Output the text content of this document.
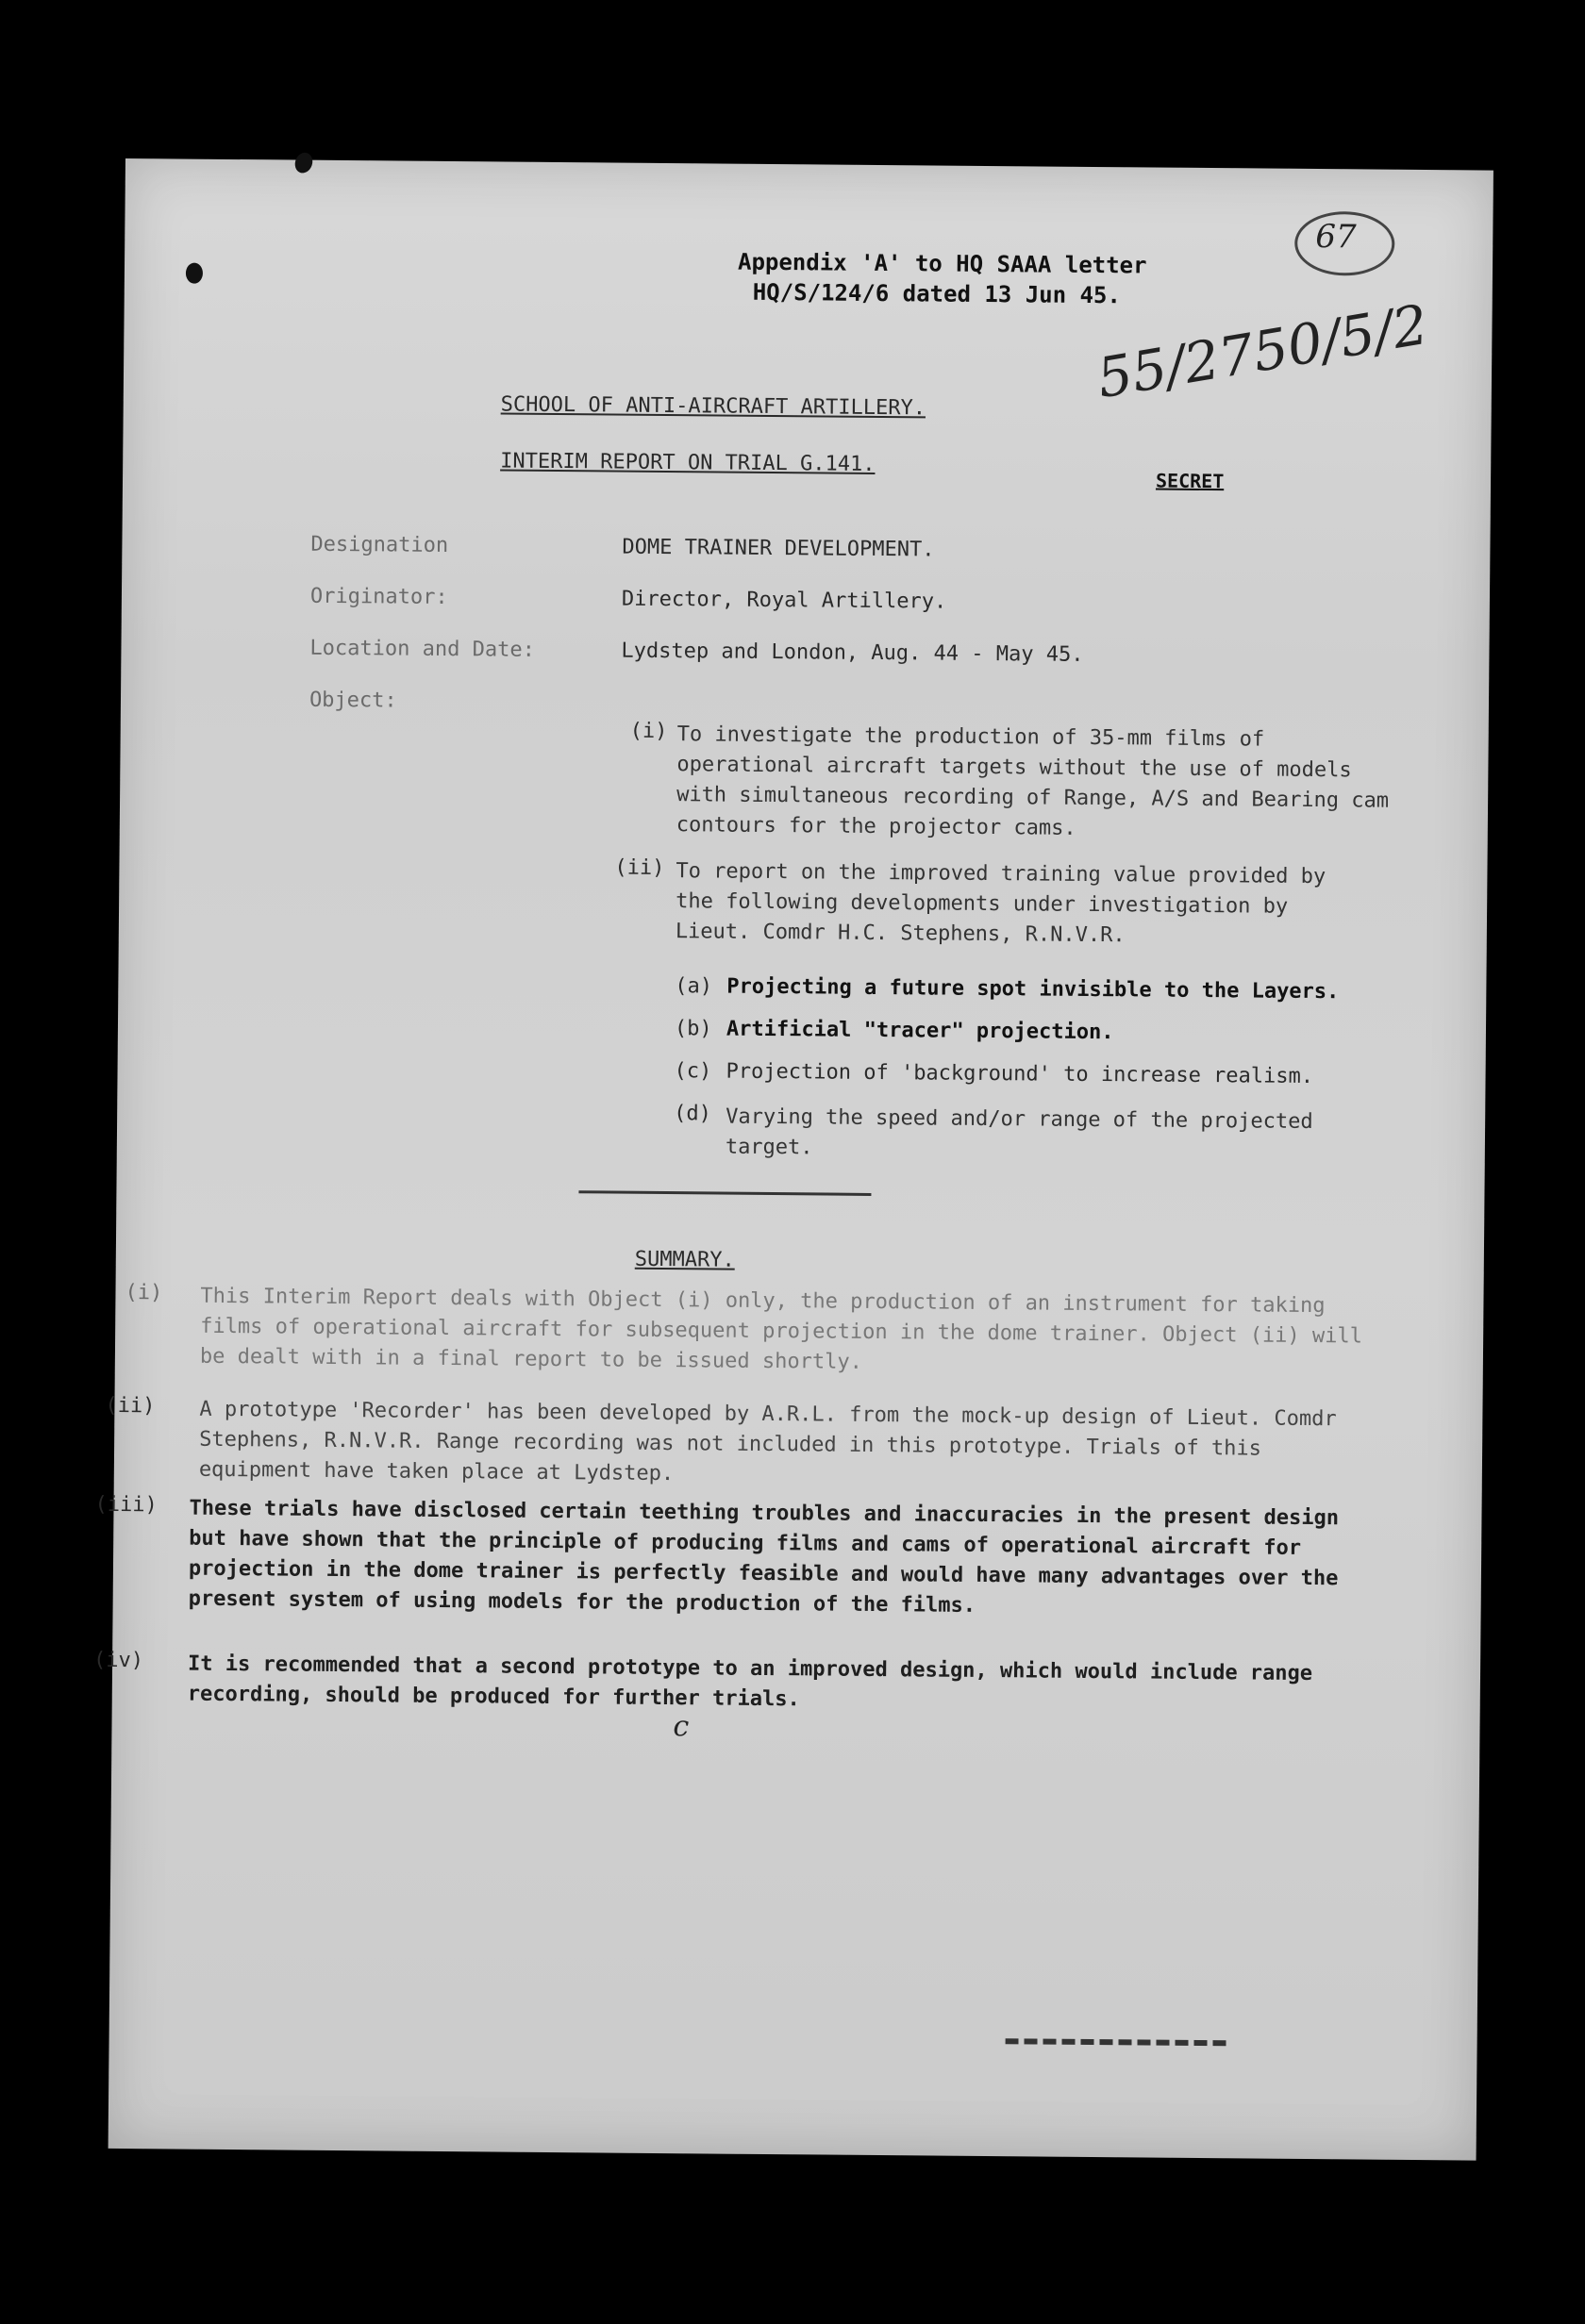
Appendix 'A' to HQ SAAA letter
HQ/S/124/6 dated 13 Jun 45.
67
55/2750/5/2
SCHOOL OF ANTI-AIRCRAFT ARTILLERY.
INTERIM REPORT ON TRIAL G.141.
SECRET
Designation	DOME TRAINER DEVELOPMENT.
Originator:	Director, Royal Artillery.
Location and Date:	Lydstep and London, Aug. 44 - May 45.
Object:
(i) To investigate the production of 35-mm films of operational aircraft targets without the use of models with simultaneous recording of Range, A/S and Bearing cam contours for the projector cams.

(ii) To report on the improved training value provided by the following developments under investigation by Lieut. Comdr H.C. Stephens, R.N.V.R.

(a) Projecting a future spot invisible to the Layers.
(b) Artificial "tracer" projection.
(c) Projection of 'background' to increase realism.
(d) Varying the speed and/or range of the projected target.

SUMMARY.
(i) This Interim Report deals with Object (i) only, the production of an instrument for taking films of operational aircraft for subsequent projection in the dome trainer. Object (ii) will be dealt with in a final report to be issued shortly.

(ii) A prototype 'Recorder' has been developed by A.R.L. from the mock-up design of Lieut. Comdr Stephens, R.N.V.R. Range recording was not included in this prototype. Trials of this equipment have taken place at Lydstep.

(iii) These trials have disclosed certain teething troubles and inaccuracies in the present design but have shown that the principle of producing films and cams of operational aircraft for projection in the dome trainer is perfectly feasible and would have many advantages over the present system of using models for the production of the films.

(iv) It is recommended that a second prototype to an improved design, which would include range recording, should be produced for further trials.

c
